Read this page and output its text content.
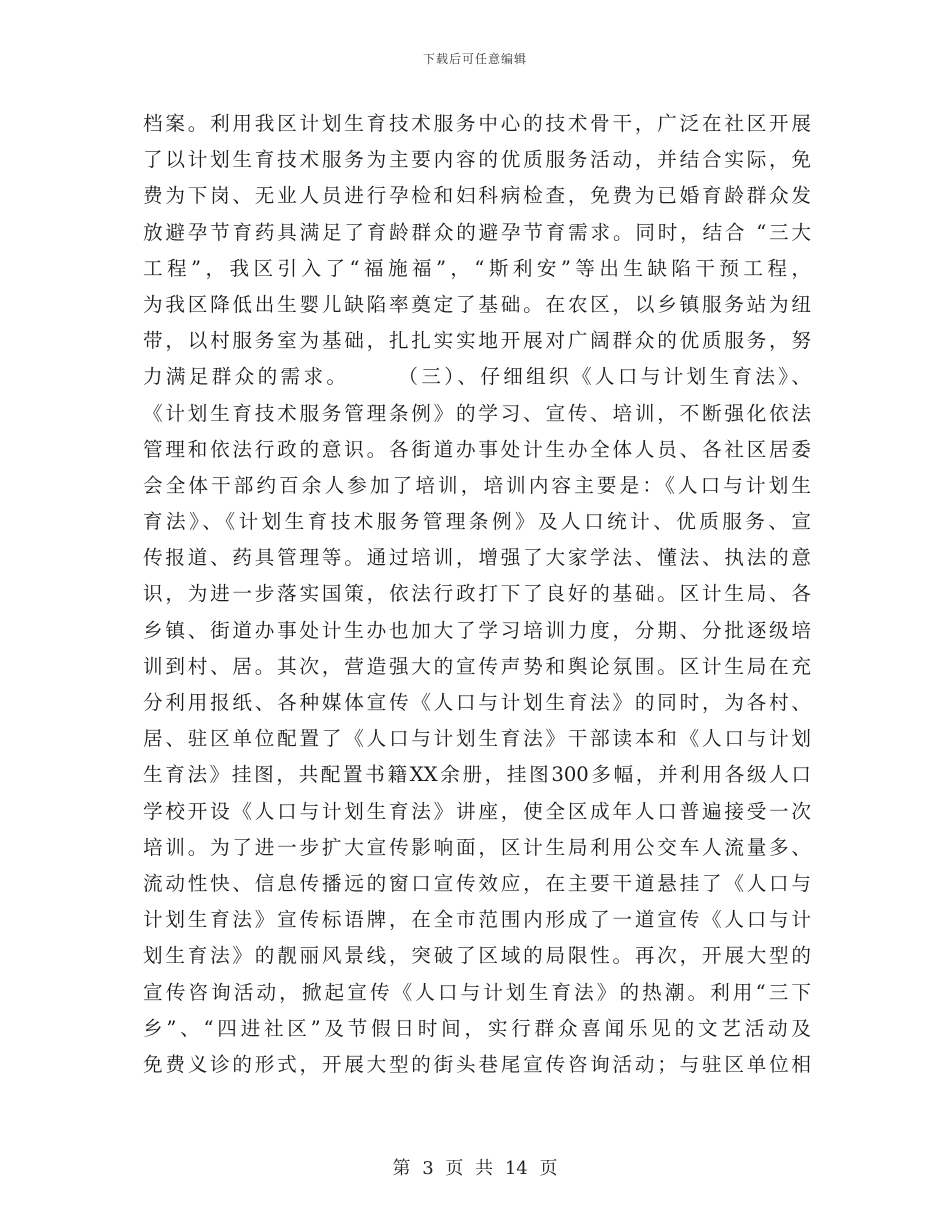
下载后可任意编辑
档案。利用我区计划生育技术服务中心的技术骨干，广泛在社区开展
了以计划生育技术服务为主要内容的优质服务活动，并结合实际，免
费为下岗、无业人员进行孕检和妇科病检查，免费为已婚育龄群众发
放避孕节育药具满足了育龄群众的避孕节育需求。同时，结合 “三大
工程”，我区引入了“福施福”，“斯利安”等出生缺陷干预工程，
为我区降低出生婴儿缺陷率奠定了基础。在农区，以乡镇服务站为纽
带，以村服务室为基础，扎扎实实地开展对广阔群众的优质服务，努
力满足群众的需求。　　　（三）、仔细组织《人口与计划生育法》、
《计划生育技术服务管理条例》的学习、宣传、培训，不断强化依法
管理和依法行政的意识。各街道办事处计生办全体人员、各社区居委
会全体干部约百余人参加了培训，培训内容主要是：《人口与计划生
育法》、《计划生育技术服务管理条例》及人口统计、优质服务、宣
传报道、药具管理等。通过培训，增强了大家学法、懂法、执法的意
识，为进一步落实国策，依法行政打下了良好的基础。区计生局、各
乡镇、街道办事处计生办也加大了学习培训力度，分期、分批逐级培
训到村、居。其次，营造强大的宣传声势和舆论氛围。区计生局在充
分利用报纸、各种媒体宣传《人口与计划生育法》的同时，为各村、
居、驻区单位配置了《人口与计划生育法》干部读本和《人口与计划
生育法》挂图，共配置书籍XX余册，挂图300多幅，并利用各级人口
学校开设《人口与计划生育法》讲座，使全区成年人口普遍接受一次
培训。为了进一步扩大宣传影响面，区计生局利用公交车人流量多、
流动性快、信息传播远的窗口宣传效应，在主要干道悬挂了《人口与
计划生育法》宣传标语牌，在全市范围内形成了一道宣传《人口与计
划生育法》的靓丽风景线，突破了区域的局限性。再次，开展大型的
宣传咨询活动，掀起宣传《人口与计划生育法》的热潮。利用“三下
乡”、“四进社区”及节假日时间，实行群众喜闻乐见的文艺活动及
免费义诊的形式，开展大型的街头巷尾宣传咨询活动；与驻区单位相
第 3 页 共 14 页
